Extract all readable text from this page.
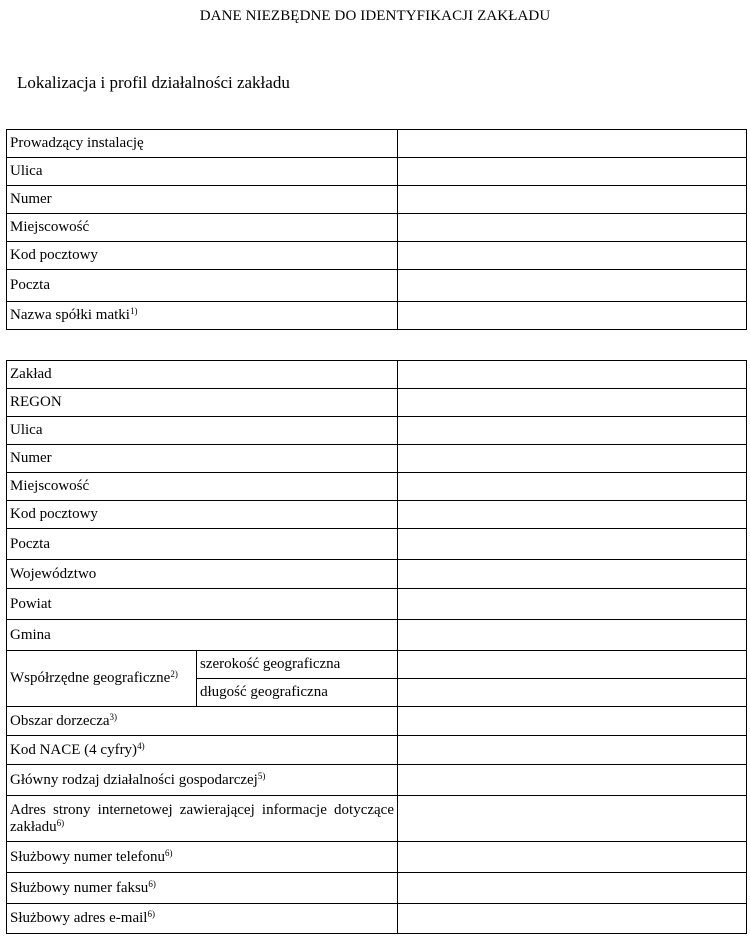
DANE NIEZBĘDNE DO IDENTYFIKACJI ZAKŁADU
Lokalizacja i profil działalności zakładu
Prowadzący instalację	
Ulica	
Numer	
Miejscowość	
Kod pocztowy	
Poczta	
Nazwa spółki matki$^{1)}$	
Zakład		
REGON		
Ulica		
Numer		
Miejscowość		
Kod pocztowy		
Poczta		
Województwo		
Powiat		
Gmina		
Współrzędne geograficzne$^{2)}$	szerokość geograficzna	
	długość geograficzna	
Obszar dorzecza$^{3)}$	
Kod NACE (4 cyfry)$^{4)}$	
Główny rodzaj działalności gospodarczej$^{5)}$	
Adres strony internetowej zawierającej informacje dotyczące zakładu$^{6)}$	
Służbowy numer telefonu$^{6)}$	
Służbowy numer faksu$^{6)}$	
Służbowy adres e-mail$^{6)}$	
